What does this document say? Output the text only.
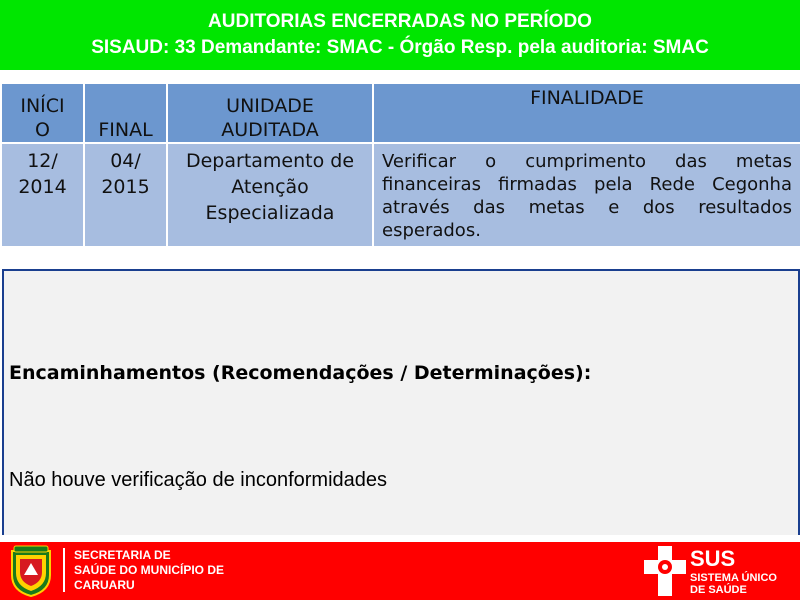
AUDITORIAS ENCERRADAS NO PERÍODO
SISAUD: 33 Demandante: SMAC - Órgão Resp. pela auditoria: SMAC
INÍCI O	FINAL	UNIDADE AUDITADA	FINALIDADE
12/ 2014	04/ 2015	Departamento de Atenção Especializada	Verificar o cumprimento das metas financeiras firmadas pela Rede Cegonha através das metas e dos resultados esperados.
Encaminhamentos (Recomendações / Determinações):
Não houve verificação de inconformidades
SECRETARIA DE
SAÚDE DO MUNICÍPIO DE
CARUARU
SUS
SISTEMA ÚNICO
DE SAÚDE
